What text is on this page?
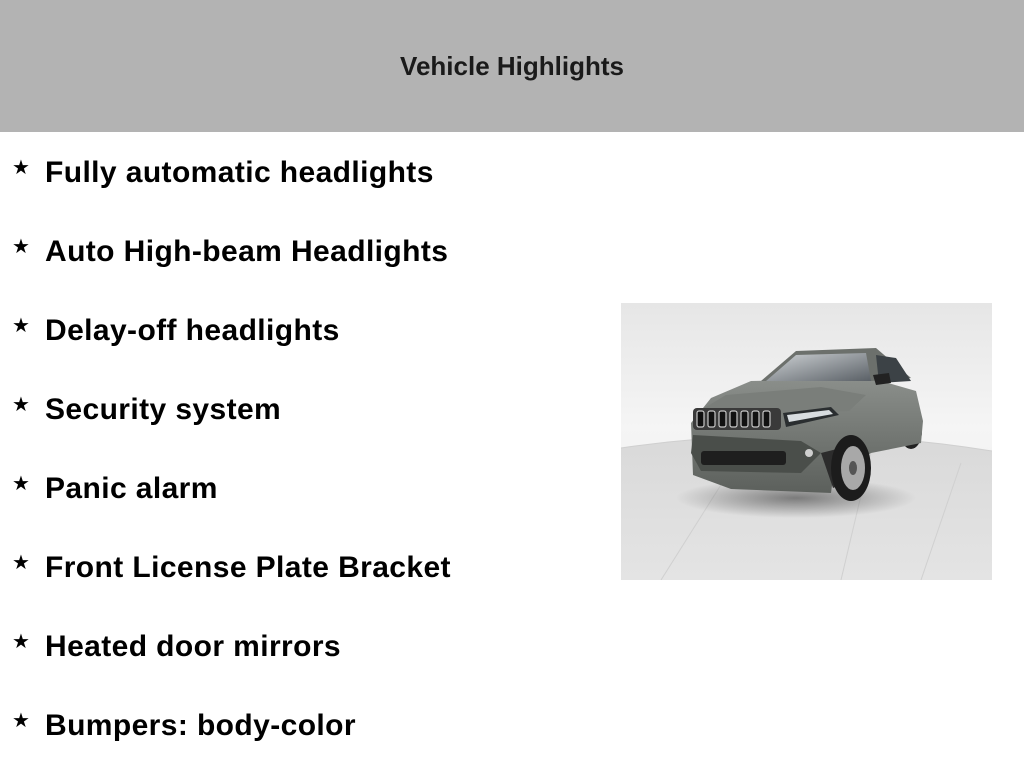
Vehicle Highlights
★ Fully automatic headlights
★ Auto High-beam Headlights
★ Delay-off headlights
★ Security system
★ Panic alarm
★ Front License Plate Bracket
★ Heated door mirrors
★ Bumpers: body-color
